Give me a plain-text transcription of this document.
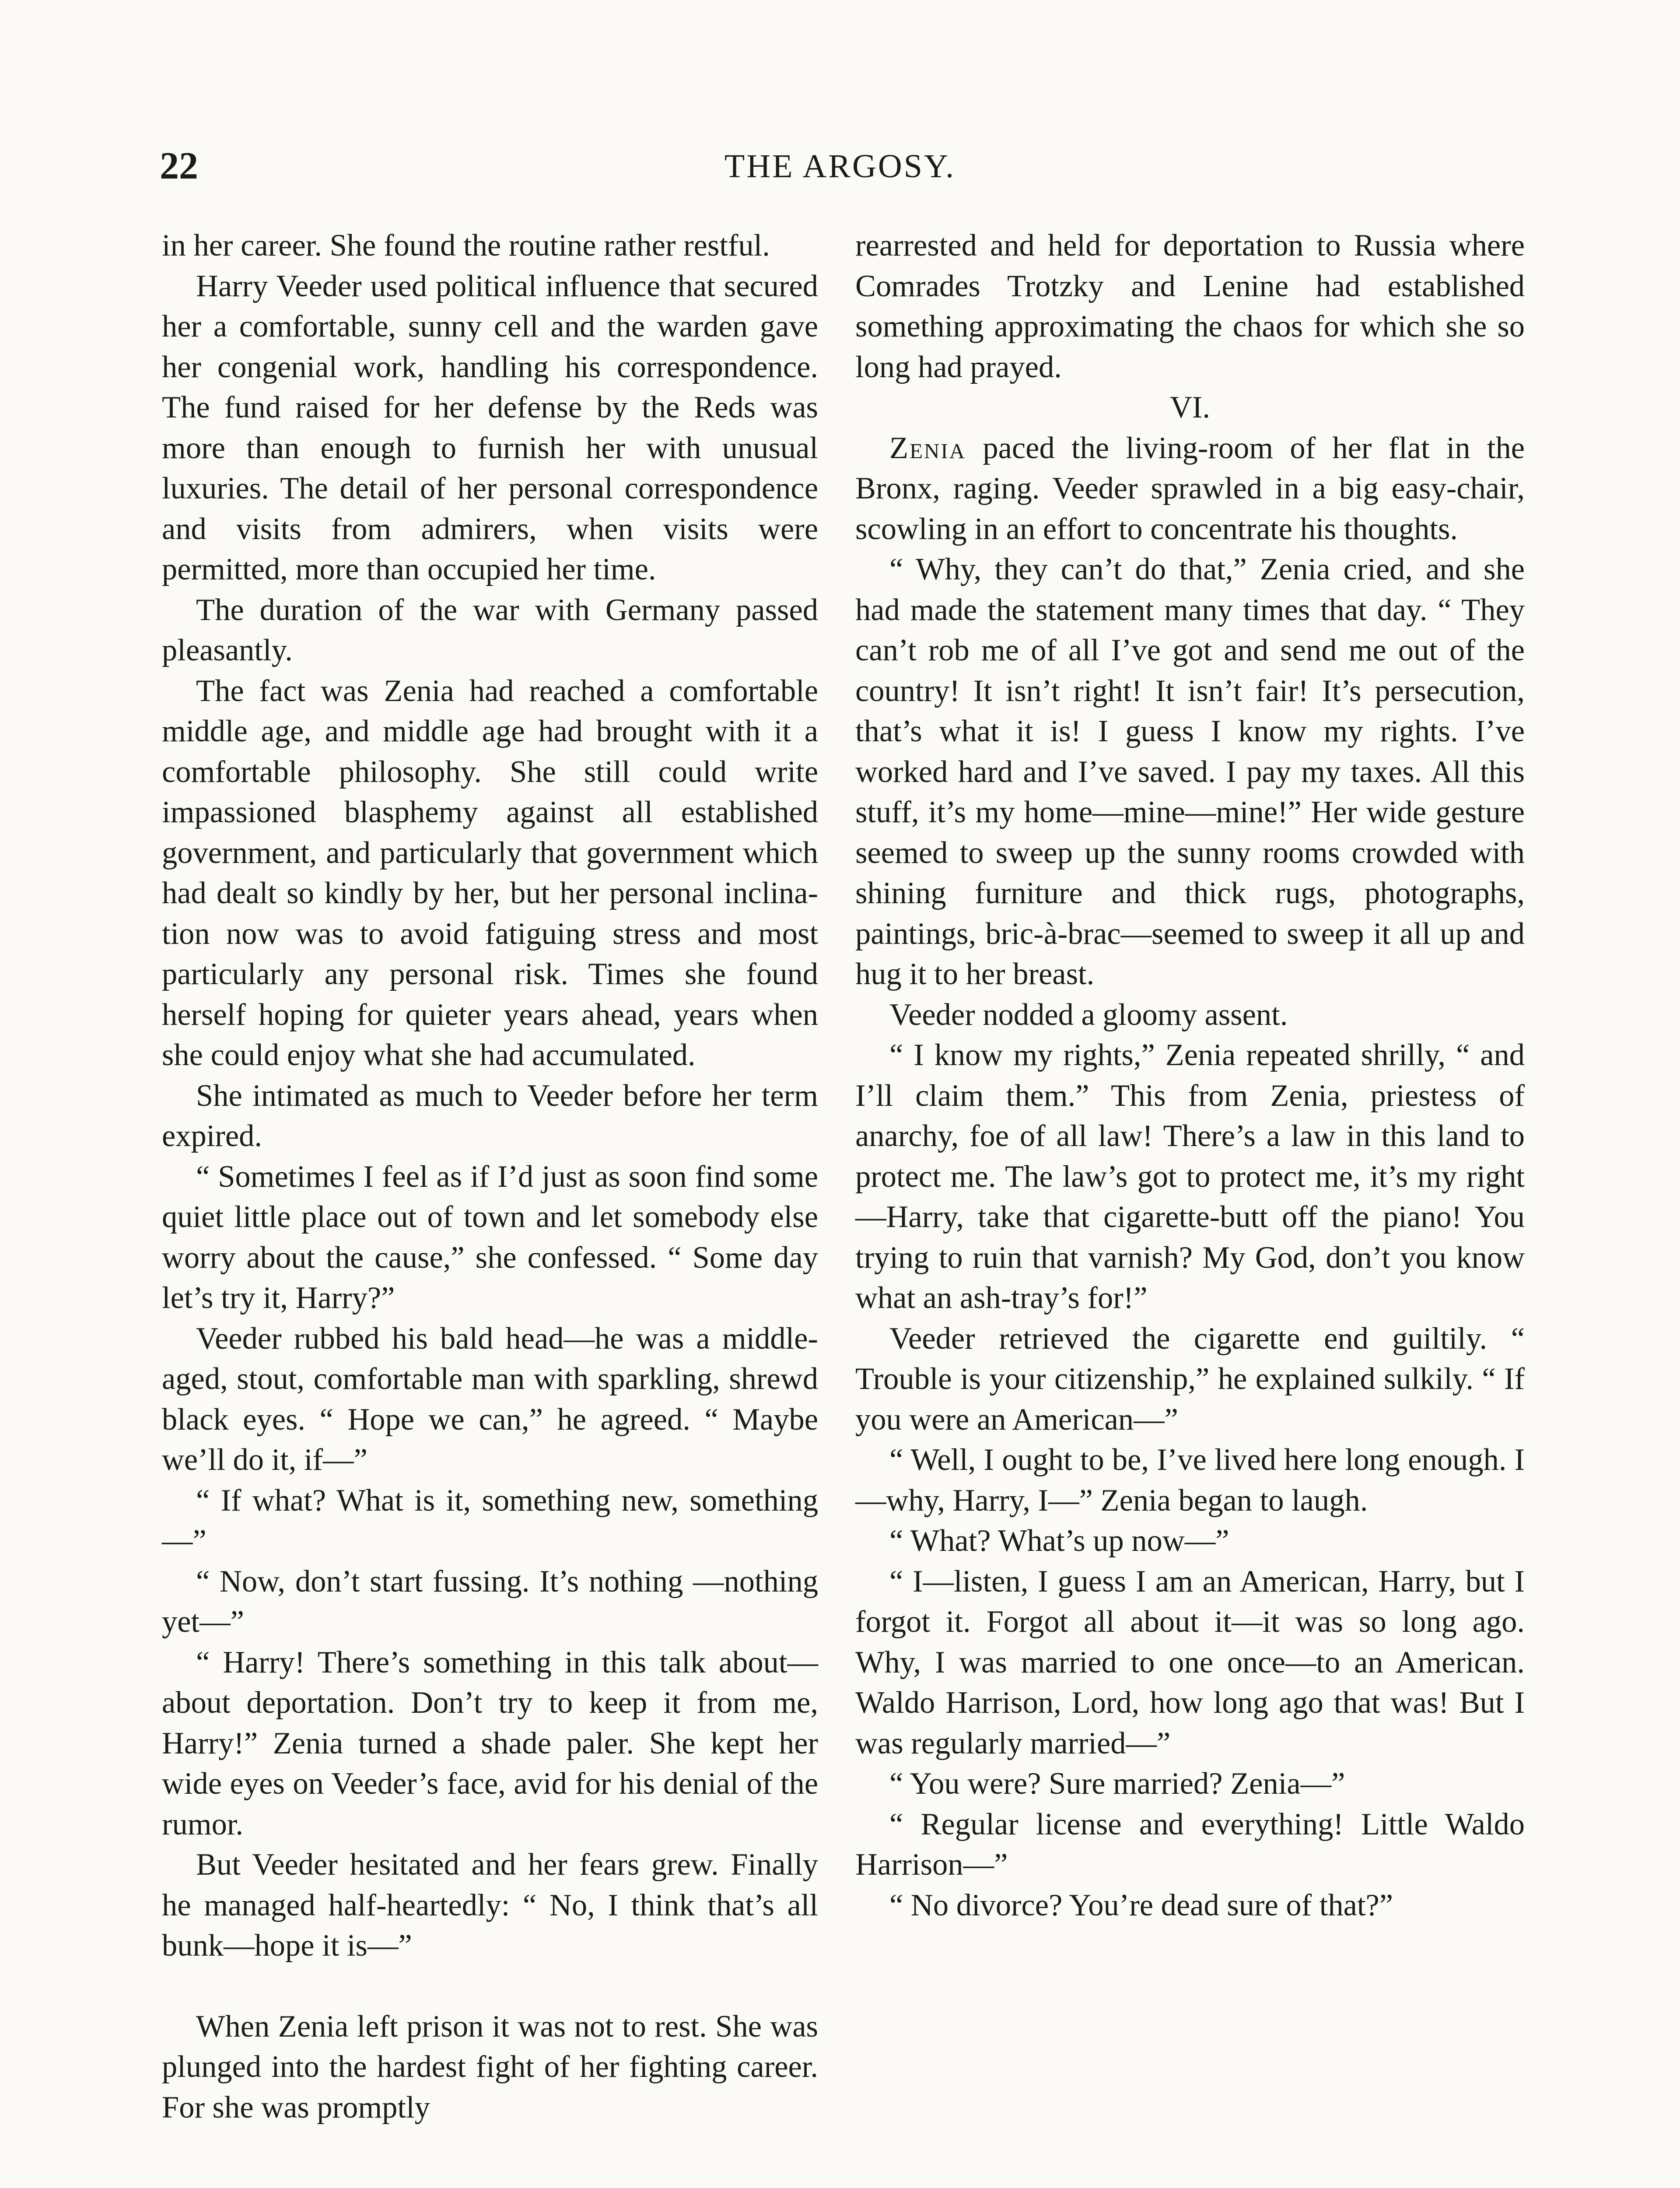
22	THE ARGOSY.

in her career. She found the routine rather restful.

Harry Veeder used political influence that secured her a comfortable, sunny cell and the warden gave her congenial work, handling his correspondence. The fund raised for her defense by the Reds was more than enough to furnish her with unusual luxuries. The detail of her personal correspondence and visits from admirers, when visits were permitted, more than occupied her time.

The duration of the war with Germany passed pleasantly.

The fact was Zenia had reached a comfortable middle age, and middle age had brought with it a comfortable philosophy. She still could write impassioned blasphemy against all established government, and particularly that government which had dealt so kindly by her, but her personal inclination now was to avoid fatiguing stress and most particularly any personal risk. Times she found herself hoping for quieter years ahead, years when she could enjoy what she had accumulated.

She intimated as much to Veeder before her term expired.

“ Sometimes I feel as if I’d just as soon find some quiet little place out of town and let somebody else worry about the cause,” she confessed. “ Some day let’s try it, Harry?”

Veeder rubbed his bald head—he was a middle-aged, stout, comfortable man with sparkling, shrewd black eyes. “ Hope we can,” he agreed. “ Maybe we’ll do it, if—”

“ If what? What is it, something new, something—”

“ Now, don’t start fussing. It’s nothing —nothing yet—”

“ Harry! There’s something in this talk about—about deportation. Don’t try to keep it from me, Harry!” Zenia turned a shade paler. She kept her wide eyes on Veeder’s face, avid for his denial of the rumor.

But Veeder hesitated and her fears grew. Finally he managed half-heartedly: “ No, I think that’s all bunk—hope it is—”

When Zenia left prison it was not to rest. She was plunged into the hardest fight of her fighting career. For she was promptly

rearrested and held for deportation to Russia where Comrades Trotzky and Lenine had established something approximating the chaos for which she so long had prayed.

VI.

Zenia paced the living-room of her flat in the Bronx, raging. Veeder sprawled in a big easy-chair, scowling in an effort to concentrate his thoughts.

“ Why, they can’t do that,” Zenia cried, and she had made the statement many times that day. “ They can’t rob me of all I’ve got and send me out of the country! It isn’t right! It isn’t fair! It’s persecution, that’s what it is! I guess I know my rights. I’ve worked hard and I’ve saved. I pay my taxes. All this stuff, it’s my home—mine—mine!” Her wide gesture seemed to sweep up the sunny rooms crowded with shining furniture and thick rugs, photographs, paintings, bric-à-brac—seemed to sweep it all up and hug it to her breast.

Veeder nodded a gloomy assent.

“ I know my rights,” Zenia repeated shrilly, “ and I’ll claim them.” This from Zenia, priestess of anarchy, foe of all law! There’s a law in this land to protect me. The law’s got to protect me, it’s my right—Harry, take that cigarette-butt off the piano! You trying to ruin that varnish? My God, don’t you know what an ash-tray’s for!”

Veeder retrieved the cigarette end guiltily. “ Trouble is your citizenship,” he explained sulkily. “ If you were an American—”

“ Well, I ought to be, I’ve lived here long enough. I—why, Harry, I—” Zenia began to laugh.

“ What? What’s up now—”

“ I—listen, I guess I am an American, Harry, but I forgot it. Forgot all about it—it was so long ago. Why, I was married to one once—to an American. Waldo Harrison, Lord, how long ago that was! But I was regularly married—”

“ You were? Sure married? Zenia—”

“ Regular license and everything! Little Waldo Harrison—”

“ No divorce? You’re dead sure of that?”
